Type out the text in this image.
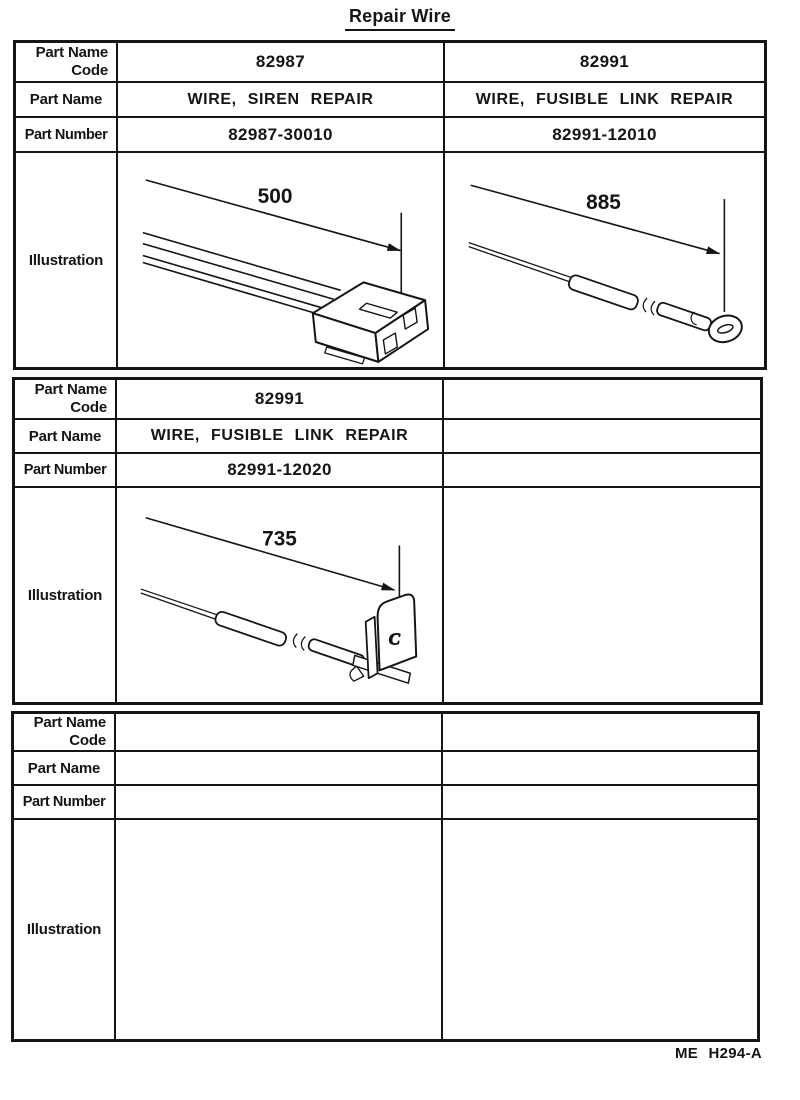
Repair Wire
Part Name
Code	82987	82991
Part Name	WIRE, SIREN REPAIR	WIRE, FUSIBLE LINK REPAIR
Part Number	82987-30010	82991-12010
Illustration
500	885
Part Name
Code	82991
Part Name	WIRE, FUSIBLE LINK REPAIR
Part Number	82991-12020
Illustration
735
C
Part Name
Code
Part Name
Part Number
Illustration
ME H294-A
